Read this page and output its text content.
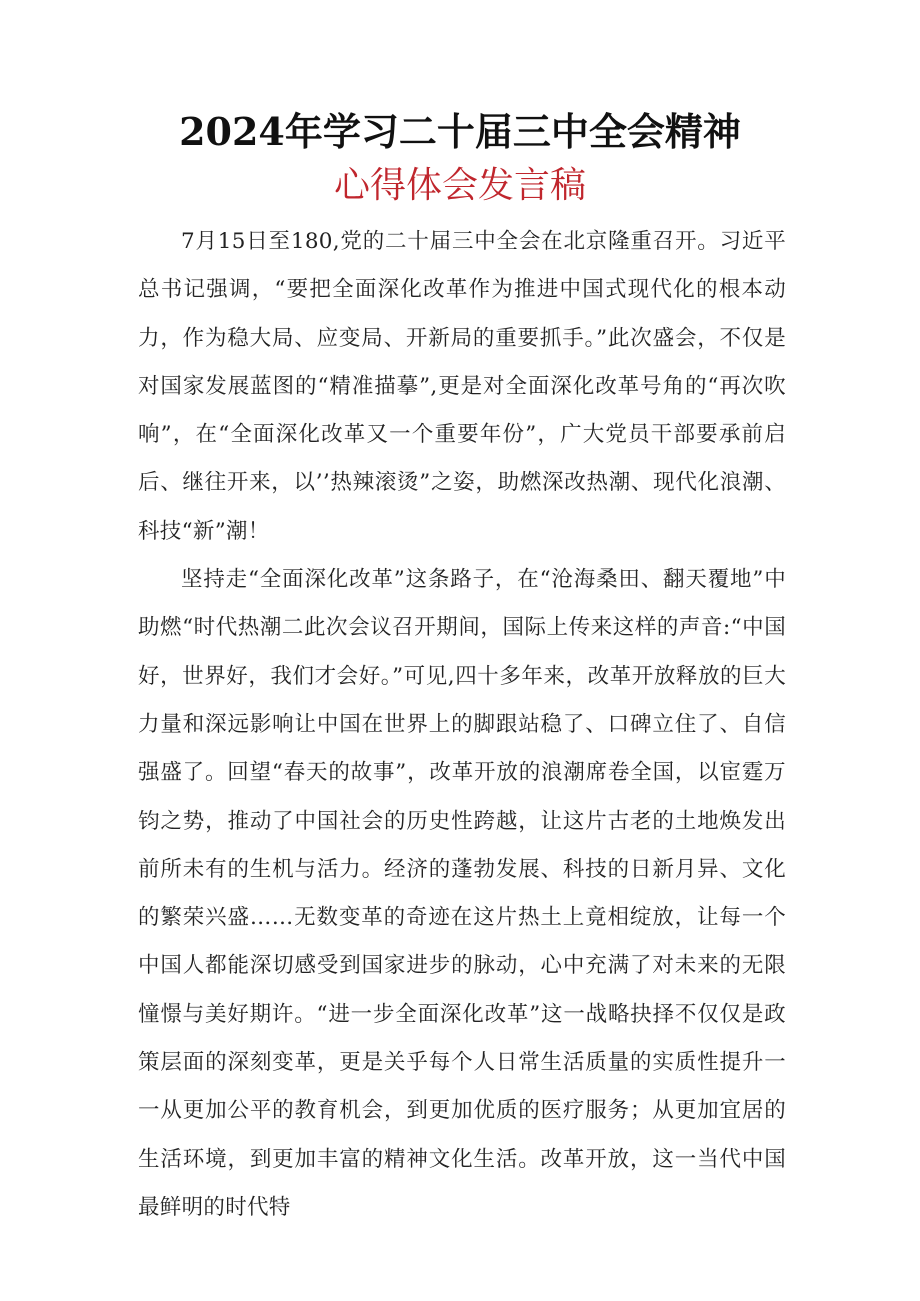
2024年学习二十届三中全会精神
心得体会发言稿

7月15日至180,党的二十届三中全会在北京隆重召开。习近平总书记强调，“要把全面深化改革作为推进中国式现代化的根本动力，作为稳大局、应变局、开新局的重要抓手。”此次盛会，不仅是对国家发展蓝图的“精准描摹”,更是对全面深化改革号角的“再次吹响”，在“全面深化改革又一个重要年份”，广大党员干部要承前启后、继往开来，以’’热辣滚烫”之姿，助燃深改热潮、现代化浪潮、科技“新”潮！

坚持走“全面深化改革”这条路子，在“沧海桑田、翻天覆地”中助燃“时代热潮二此次会议召开期间，国际上传来这样的声音:“中国好，世界好，我们才会好。”可见,四十多年来，改革开放释放的巨大力量和深远影响让中国在世界上的脚跟站稳了、口碑立住了、自信强盛了。回望“春天的故事”，改革开放的浪潮席卷全国，以宦霆万钧之势，推动了中国社会的历史性跨越，让这片古老的土地焕发出前所未有的生机与活力。经济的蓬勃发展、科技的日新月异、文化的繁荣兴盛……无数变革的奇迹在这片热土上竟相绽放，让每一个中国人都能深切感受到国家进步的脉动，心中充满了对未来的无限憧憬与美好期许。“进一步全面深化改革”这一战略抉择不仅仅是政策层面的深刻变革，更是关乎每个人日常生活质量的实质性提升一一从更加公平的教育机会，到更加优质的医疗服务；从更加宜居的生活环境，到更加丰富的精神文化生活。改革开放，这一当代中国最鲜明的时代特
